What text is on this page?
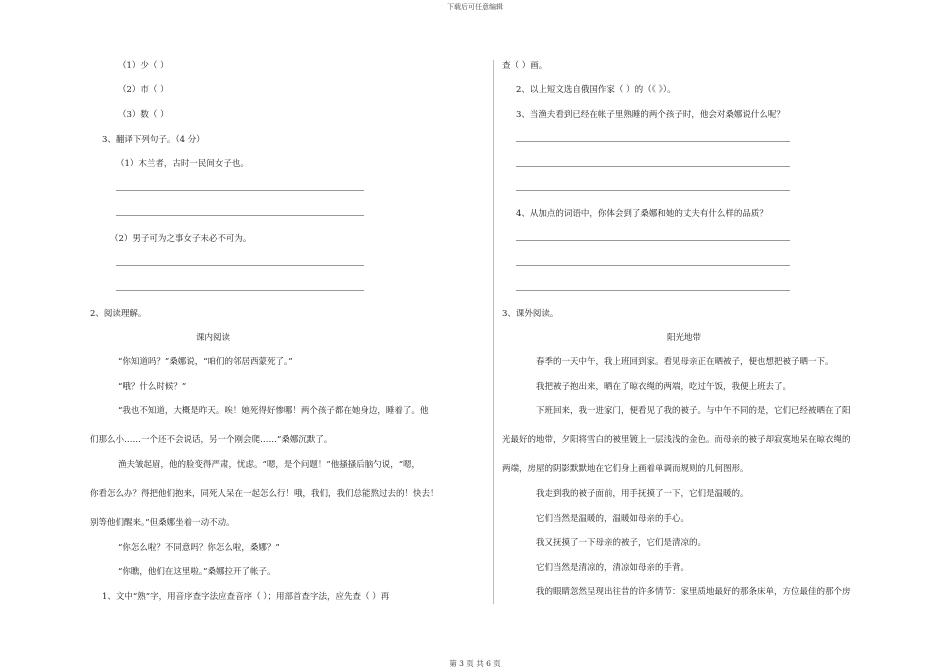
下载后可任意编辑
（1）少（ ）
（2）市（ ）
（3）数（ ）
3、翻译下列句子。（4 分）
（1）木兰者，古时一民间女子也。
（2）男子可为之事女子未必不可为。
2、阅读理解。
课内阅读
“你知道吗？”桑娜说，“咱们的邻居西蒙死了。”
“哦？什么时候？”
“我也不知道，大概是昨天。唉！她死得好惨哪！两个孩子都在她身边，睡着了。他
们那么小……一个还不会说话，另一个刚会爬……”桑娜沉默了。
渔夫皱起眉，他的脸变得严肃，忧虑。“嗯，是个问题！”他搔搔后脑勺说，“嗯，
你看怎么办？得把他们抱来，同死人呆在一起怎么行！哦，我们，我们总能熬过去的！快去！
别等他们醒来。”但桑娜坐着一动不动。
“你怎么啦？不同意吗？你怎么啦，桑娜？”
“你瞧，他们在这里啦。”桑娜拉开了帐子。
1、文中“熟”字，用音序查字法应查音序（ ）；用部首查字法，应先查（ ）再
查（ ）画。
2、以上短文选自俄国作家（ ）的（《 》）。
3、当渔夫看到已经在帐子里熟睡的两个孩子时，他会对桑娜说什么呢？
4、从加点的词语中，你体会到了桑娜和她的丈夫有什么样的品质？
3、课外阅读。
阳光地带
春季的一天中午，我上班回到家。看见母亲正在晒被子，便也想把被子晒一下。
我把被子抱出来，晒在了晾衣绳的两端，吃过午饭，我便上班去了。
下班回来，我一进家门，便看见了我的被子。与中午不同的是，它们已经被晒在了阳
光最好的地带，夕阳将雪白的被里镀上一层浅浅的金色。而母亲的被子却寂寞地呆在晾衣绳的
两端，房屋的阴影默默地在它们身上画着单调而规则的几何图形。
我走到我的被子面前，用手抚摸了一下，它们是温暖的。
它们当然是温暖的，温暖如母亲的手心。
我又抚摸了一下母亲的被子，它们是清凉的。
它们当然是清凉的，清凉如母亲的手背。
我的眼睛忽然呈现出往昔的许多情节：家里质地最好的那条床单，方位最佳的那个房
第 3 页 共 6 页
